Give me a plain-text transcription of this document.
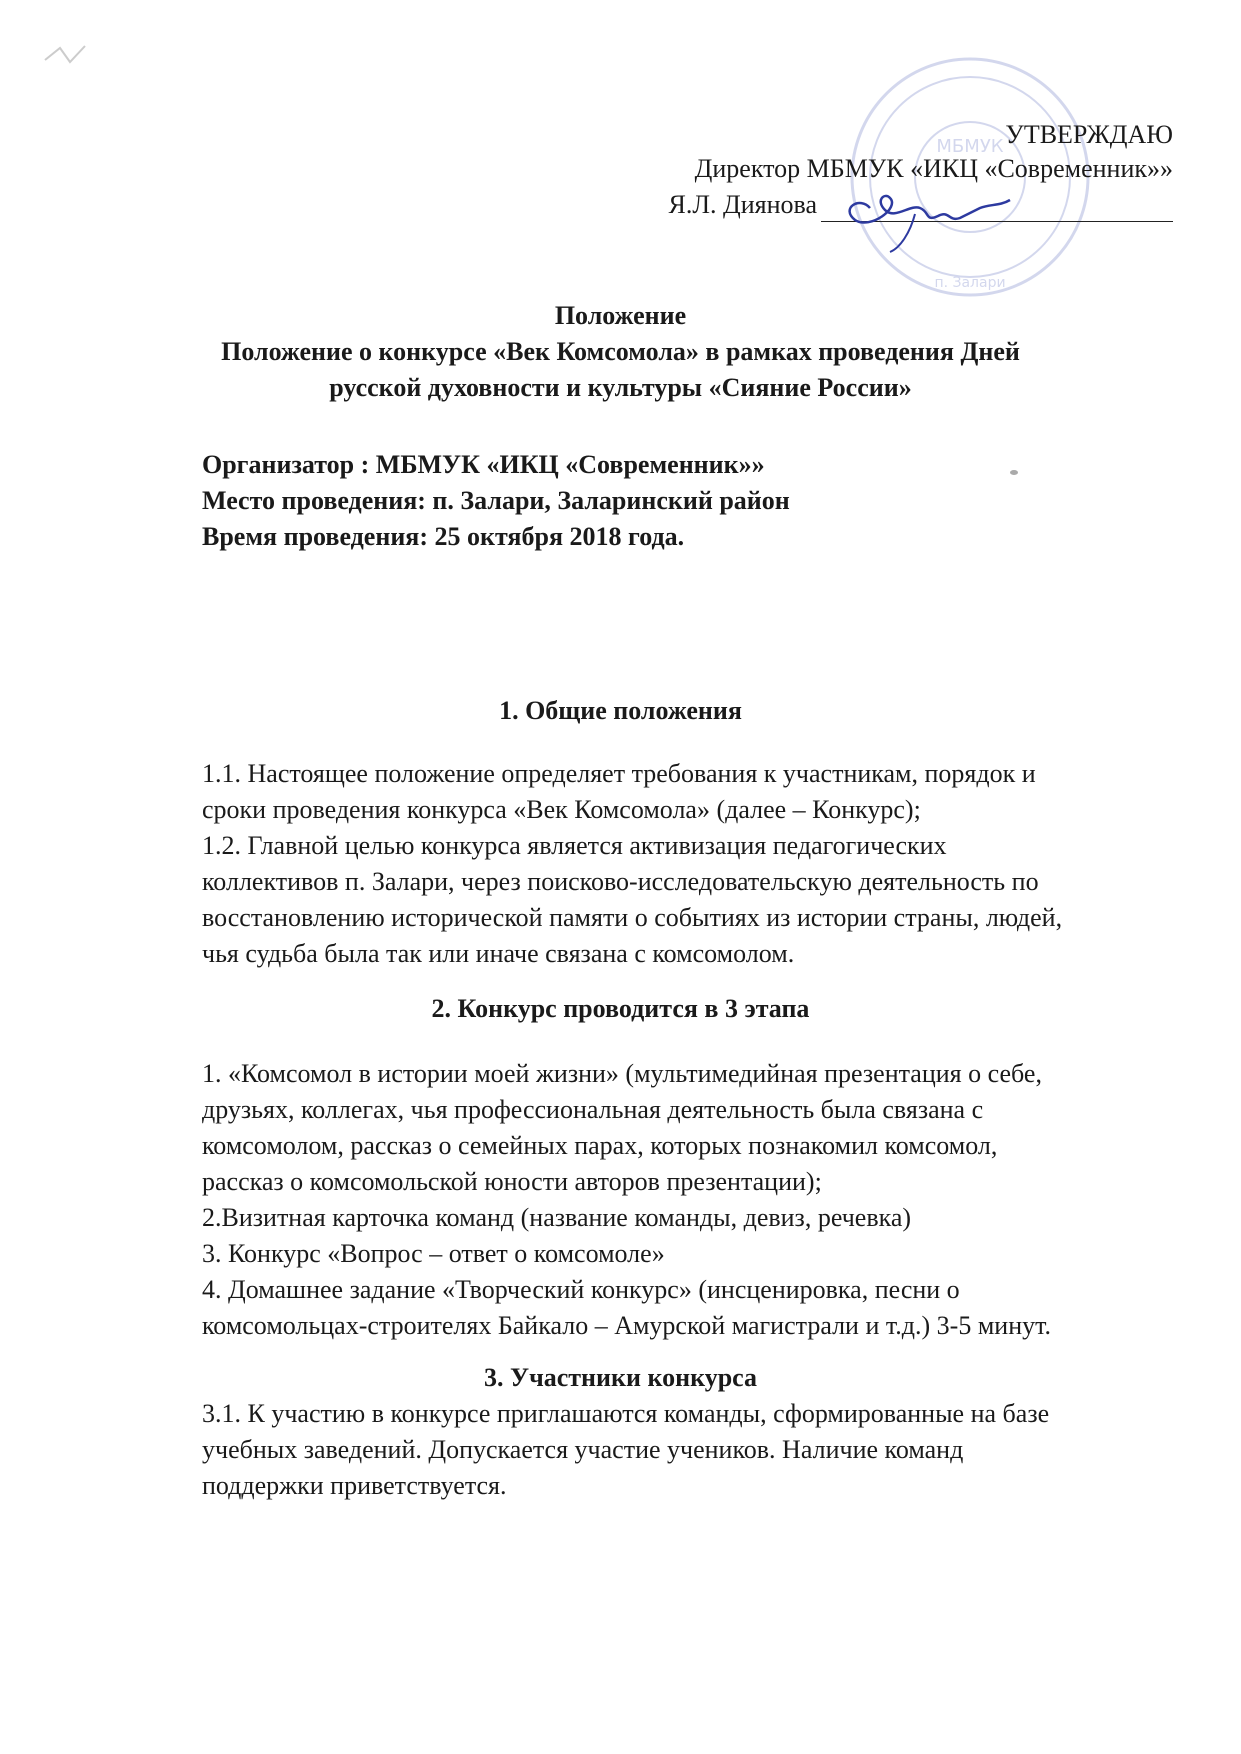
МБМУК
п. Залари
УТВЕРЖДАЮ
Директор МБМУК «ИКЦ «Современник»»
Я.Л. Диянова
Положение
Положение о конкурсе «Век Комсомола» в рамках проведения Дней
русской духовности и культуры «Сияние России»
Организатор : МБМУК «ИКЦ «Современник»»
Место проведения: п. Залари, Заларинский район
Время проведения: 25 октября 2018 года.
1. Общие положения
1.1. Настоящее положение определяет требования к участникам, порядок и
сроки проведения конкурса «Век Комсомола» (далее – Конкурс);
1.2. Главной целью конкурса является активизация педагогических
коллективов п. Залари, через поисково-исследовательскую деятельность по
восстановлению исторической памяти о событиях из истории страны, людей,
чья судьба была так или иначе связана с комсомолом.
2. Конкурс проводится в 3 этапа
1. «Комсомол в истории моей жизни» (мультимедийная презентация о себе,
друзьях, коллегах, чья профессиональная деятельность была связана с
комсомолом, рассказ о семейных парах, которых познакомил комсомол,
рассказ о комсомольской юности авторов презентации);
2.Визитная карточка команд (название команды, девиз, речевка)
3. Конкурс «Вопрос – ответ о комсомоле»
4. Домашнее задание «Творческий конкурс» (инсценировка, песни о
комсомольцах-строителях Байкало – Амурской магистрали и т.д.) 3-5 минут.
3. Участники конкурса
3.1. К участию в конкурсе приглашаются команды, сформированные на базе
учебных заведений. Допускается участие учеников. Наличие команд
поддержки приветствуется.
